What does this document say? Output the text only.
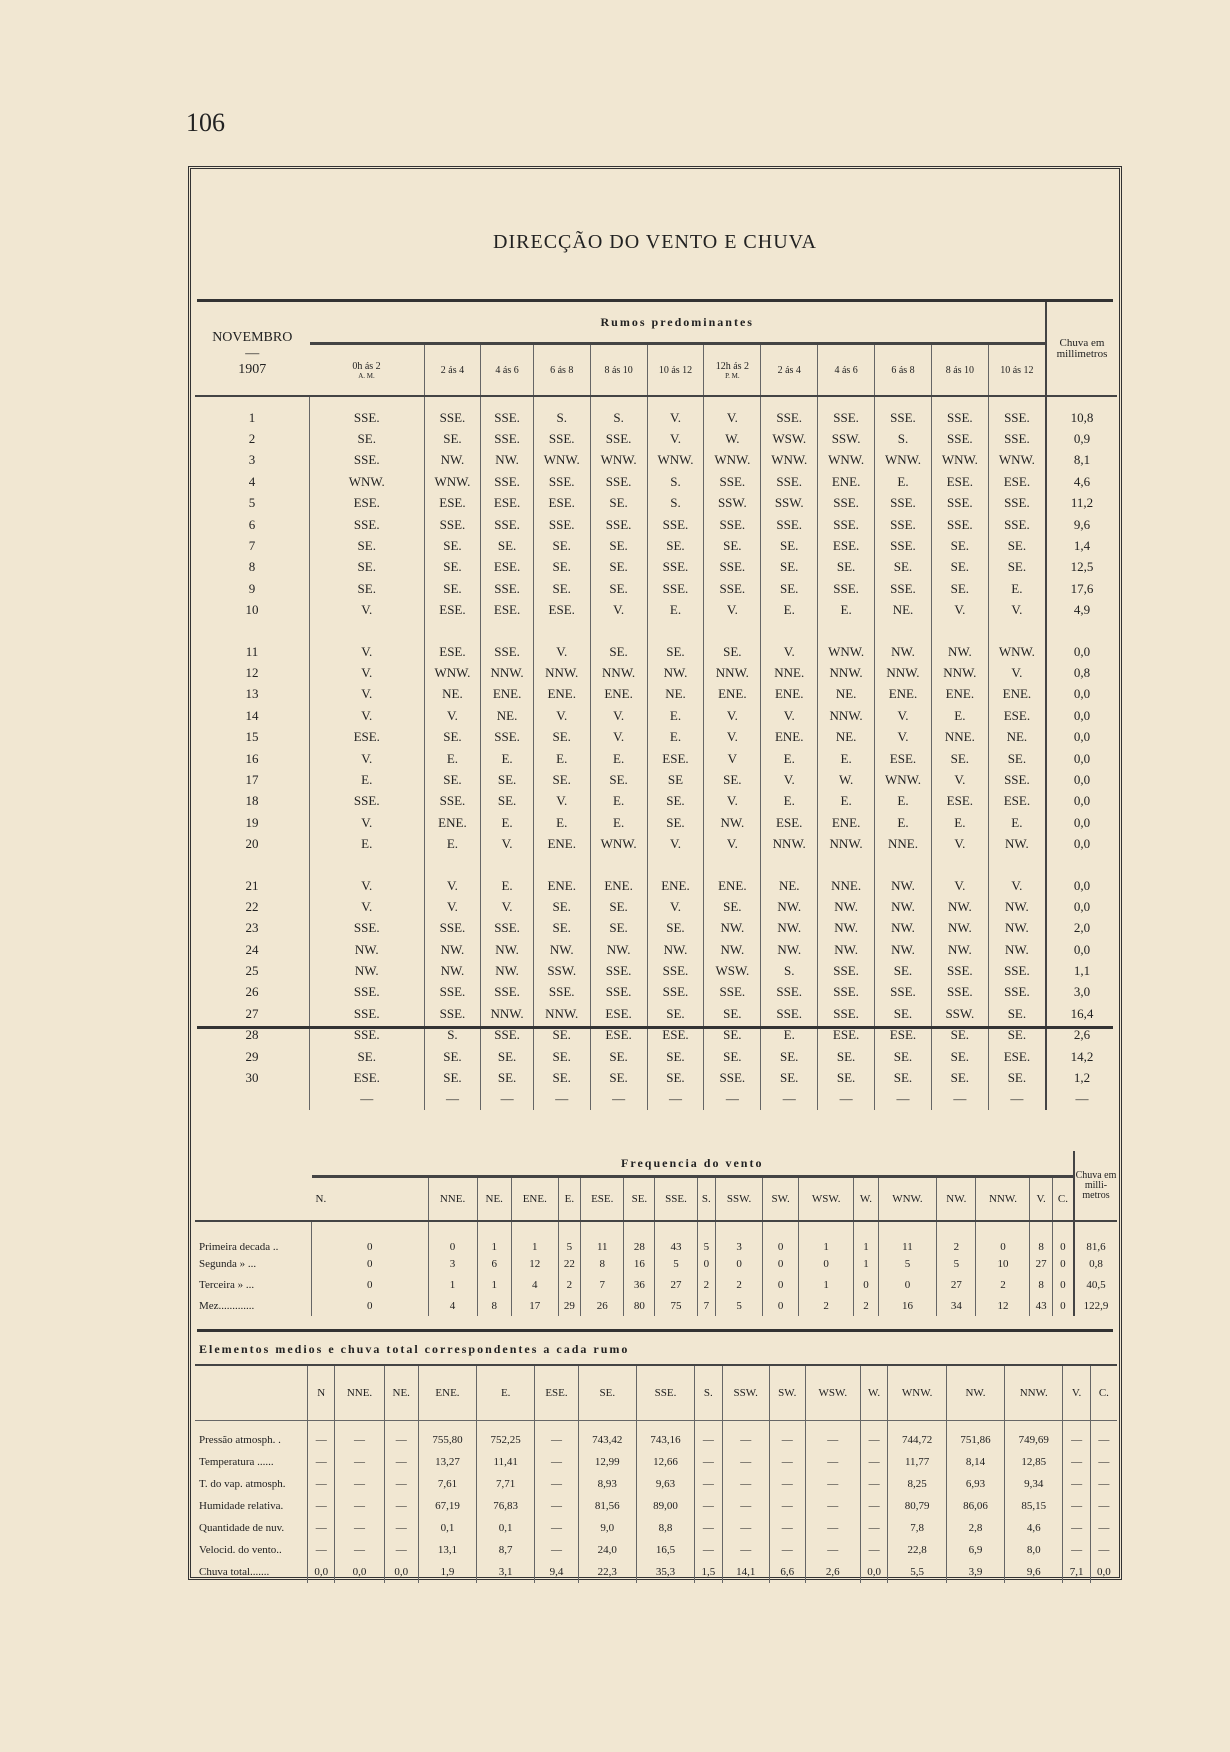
106
DIRECÇÃO DO VENTO E CHUVA
NOVEMBRO
—
1907	Rumos predominantes												Chuva em millimetros
	0h ás 2
A. M.	2 ás 4	4 ás 6	6 ás 8	8 ás 10	10 ás 12	12h ás 2
P. M.	2 ás 4	4 ás 6	6 ás 8	8 ás 10	10 ás 12	
1	SSE.	SSE.	SSE.	S.	S.	V.	V.	SSE.	SSE.	SSE.	SSE.	SSE.	10,8
2	SE.	SE.	SSE.	SSE.	SSE.	V.	W.	WSW.	SSW.	S.	SSE.	SSE.	0,9
3	SSE.	NW.	NW.	WNW.	WNW.	WNW.	WNW.	WNW.	WNW.	WNW.	WNW.	WNW.	8,1
4	WNW.	WNW.	SSE.	SSE.	SSE.	S.	SSE.	SSE.	ENE.	E.	ESE.	ESE.	4,6
5	ESE.	ESE.	ESE.	ESE.	SE.	S.	SSW.	SSW.	SSE.	SSE.	SSE.	SSE.	11,2
6	SSE.	SSE.	SSE.	SSE.	SSE.	SSE.	SSE.	SSE.	SSE.	SSE.	SSE.	SSE.	9,6
7	SE.	SE.	SE.	SE.	SE.	SE.	SE.	SE.	ESE.	SSE.	SE.	SE.	1,4
8	SE.	SE.	ESE.	SE.	SE.	SSE.	SSE.	SE.	SE.	SE.	SE.	SE.	12,5
9	SE.	SE.	SSE.	SE.	SE.	SSE.	SSE.	SE.	SSE.	SSE.	SE.	E.	17,6
10	V.	ESE.	ESE.	ESE.	V.	E.	V.	E.	E.	NE.	V.	V.	4,9

11	V.	ESE.	SSE.	V.	SE.	SE.	SE.	V.	WNW.	NW.	NW.	WNW.	0,0
12	V.	WNW.	NNW.	NNW.	NNW.	NW.	NNW.	NNE.	NNW.	NNW.	NNW.	V.	0,8
13	V.	NE.	ENE.	ENE.	ENE.	NE.	ENE.	ENE.	NE.	ENE.	ENE.	ENE.	0,0
14	V.	V.	NE.	V.	V.	E.	V.	V.	NNW.	V.	E.	ESE.	0,0
15	ESE.	SE.	SSE.	SE.	V.	E.	V.	ENE.	NE.	V.	NNE.	NE.	0,0
16	V.	E.	E.	E.	E.	ESE.	V	E.	E.	ESE.	SE.	SE.	0,0
17	E.	SE.	SE.	SE.	SE.	SE	SE.	V.	W.	WNW.	V.	SSE.	0,0
18	SSE.	SSE.	SE.	V.	E.	SE.	V.	E.	E.	E.	ESE.	ESE.	0,0
19	V.	ENE.	E.	E.	E.	SE.	NW.	ESE.	ENE.	E.	E.	E.	0,0
20	E.	E.	V.	ENE.	WNW.	V.	V.	NNW.	NNW.	NNE.	V.	NW.	0,0

21	V.	V.	E.	ENE.	ENE.	ENE.	ENE.	NE.	NNE.	NW.	V.	V.	0,0
22	V.	V.	V.	SE.	SE.	V.	SE.	NW.	NW.	NW.	NW.	NW.	0,0
23	SSE.	SSE.	SSE.	SE.	SE.	SE.	NW.	NW.	NW.	NW.	NW.	NW.	2,0
24	NW.	NW.	NW.	NW.	NW.	NW.	NW.	NW.	NW.	NW.	NW.	NW.	0,0
25	NW.	NW.	NW.	SSW.	SSE.	SSE.	WSW.	S.	SSE.	SE.	SSE.	SSE.	1,1
26	SSE.	SSE.	SSE.	SSE.	SSE.	SSE.	SSE.	SSE.	SSE.	SSE.	SSE.	SSE.	3,0
27	SSE.	SSE.	NNW.	NNW.	ESE.	SE.	SE.	SSE.	SSE.	SE.	SSW.	SE.	16,4
28	SSE.	S.	SSE.	SE.	ESE.	ESE.	SE.	E.	ESE.	ESE.	SE.	SE.	2,6
29	SE.	SE.	SE.	SE.	SE.	SE.	SE.	SE.	SE.	SE.	SE.	ESE.	14,2
30	ESE.	SE.	SE.	SE.	SE.	SE.	SSE.	SE.	SE.	SE.	SE.	SE.	1,2
	—	—	—	—	—	—	—	—	—	—	—	—	—
	Frequencia do vento																		Chuva em milli- metros
	N.	NNE.	NE.	ENE.	E.	ESE.	SE.	SSE.	S.	SSW.	SW.	WSW.	W.	WNW.	NW.	NNW.	V.	C.	
Primeira decada ..	0	0	1	1	5	11	28	43	5	3	0	1	1	11	2	0	8	0	81,6
Segunda » ...	0	3	6	12	22	8	16	5	0	0	0	0	1	5	5	10	27	0	0,8
Terceira » ...	0	1	1	4	2	7	36	27	2	2	0	1	0	0	27	2	8	0	40,5
Mez.............	0	4	8	17	29	26	80	75	7	5	0	2	2	16	34	12	43	0	122,9
Elementos medios e chuva total correspondentes a cada rumo																		
	N	NNE.	NE.	ENE.	E.	ESE.	SE.	SSE.	S.	SSW.	SW.	WSW.	W.	WNW.	NW.	NNW.	V.	C.
Pressão atmosph. .	—	—	—	755,80	752,25	—	743,42	743,16	—	—	—	—	—	744,72	751,86	749,69	—	—
Temperatura ......	—	—	—	13,27	11,41	—	12,99	12,66	—	—	—	—	—	11,77	8,14	12,85	—	—
T. do vap. atmosph.	—	—	—	7,61	7,71	—	8,93	9,63	—	—	—	—	—	8,25	6,93	9,34	—	—
Humidade relativa.	—	—	—	67,19	76,83	—	81,56	89,00	—	—	—	—	—	80,79	86,06	85,15	—	—
Quantidade de nuv.	—	—	—	0,1	0,1	—	9,0	8,8	—	—	—	—	—	7,8	2,8	4,6	—	—
Velocid. do vento..	—	—	—	13,1	8,7	—	24,0	16,5	—	—	—	—	—	22,8	6,9	8,0	—	—
Chuva total.......	0,0	0,0	0,0	1,9	3,1	9,4	22,3	35,3	1,5	14,1	6,6	2,6	0,0	5,5	3,9	9,6	7,1	0,0
